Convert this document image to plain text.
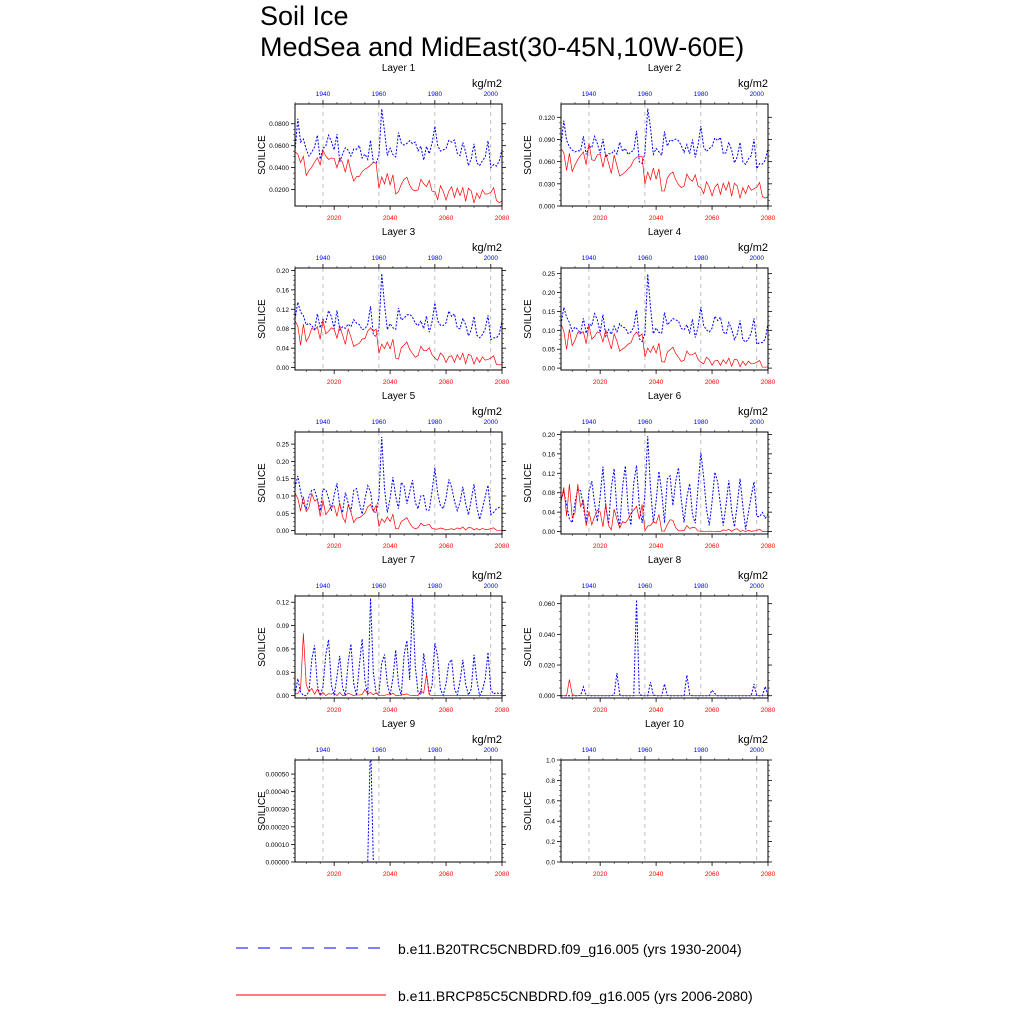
Soil Ice
MedSea and MidEast(30-45N,10W-60E)
Layer 1
kg/m2
SOILICE
0.0200
0.0400
0.0600
0.0800
1940	1960	1980	2000
2020	2040	2060	2080
Layer 2
kg/m2
SOILICE
0.000
0.030
0.060
0.090
0.120
1940	1960	1980	2000
2020	2040	2060	2080
Layer 3
kg/m2
SOILICE
0.00
0.04
0.08
0.12
0.16
0.20
1940	1960	1980	2000
2020	2040	2060	2080
Layer 4
kg/m2
SOILICE
0.00
0.05
0.10
0.15
0.20
0.25
1940	1960	1980	2000
2020	2040	2060	2080
Layer 5
kg/m2
SOILICE
0.00
0.05
0.10
0.15
0.20
0.25
1940	1960	1980	2000
2020	2040	2060	2080
Layer 6
kg/m2
SOILICE
0.00
0.04
0.08
0.12
0.16
0.20
1940	1960	1980	2000
2020	2040	2060	2080
Layer 7
kg/m2
SOILICE
0.00
0.03
0.06
0.09
0.12
1940	1960	1980	2000
2020	2040	2060	2080
Layer 8
kg/m2
SOILICE
0.000
0.020
0.040
0.060
1940	1960	1980	2000
2020	2040	2060	2080
Layer 9
kg/m2
SOILICE
0.00000
0.00010
0.00020
0.00030
0.00040
0.00050
1940	1960	1980	2000
2020	2040	2060	2080
Layer 10
kg/m2
SOILICE
0.0
0.2
0.4
0.6
0.8
1.0
1940	1960	1980	2000
2020	2040	2060	2080
b.e11.B20TRC5CNBDRD.f09_g16.005 (yrs 1930-2004)
b.e11.BRCP85C5CNBDRD.f09_g16.005 (yrs 2006-2080)
